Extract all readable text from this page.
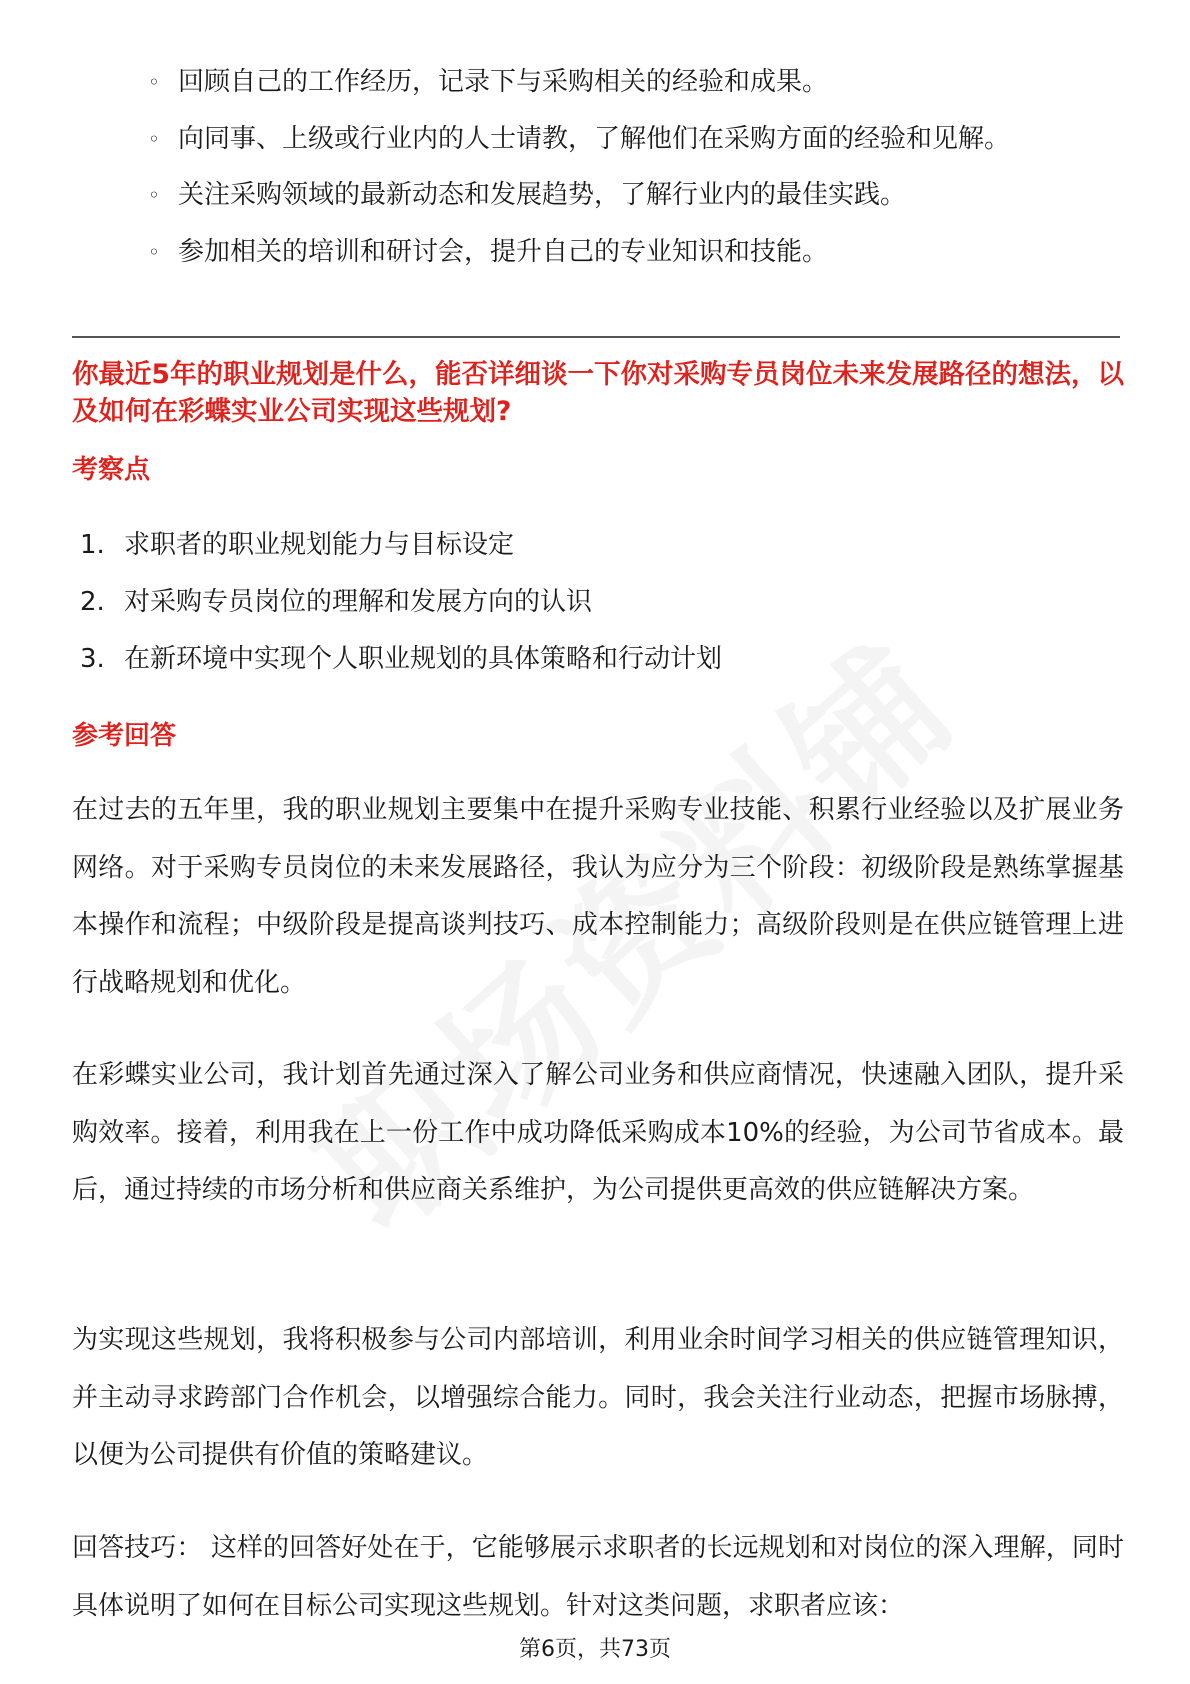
◦ 回顾自己的工作经历，记录下与采购相关的经验和成果。
◦ 向同事、上级或行业内的人士请教，了解他们在采购方面的经验和见解。
◦ 关注采购领域的最新动态和发展趋势，了解行业内的最佳实践。
◦ 参加相关的培训和研讨会，提升自己的专业知识和技能。

你最近5年的职业规划是什么，能否详细谈一下你对采购专员岗位未来发展路径的想法，以及如何在彩蝶实业公司实现这些规划?

考察点
1. 求职者的职业规划能力与目标设定
2. 对采购专员岗位的理解和发展方向的认识
3. 在新环境中实现个人职业规划的具体策略和行动计划
参考回答

在过去的五年里，我的职业规划主要集中在提升采购专业技能、积累行业经验以及扩展业务网络。对于采购专员岗位的未来发展路径，我认为应分为三个阶段：初级阶段是熟练掌握基本操作和流程；中级阶段是提高谈判技巧、成本控制能力；高级阶段则是在供应链管理上进行战略规划和优化。

在彩蝶实业公司，我计划首先通过深入了解公司业务和供应商情况，快速融入团队，提升采购效率。接着，利用我在上一份工作中成功降低采购成本10%的经验，为公司节省成本。最后，通过持续的市场分析和供应商关系维护，为公司提供更高效的供应链解决方案。

为实现这些规划，我将积极参与公司内部培训，利用业余时间学习相关的供应链管理知识，并主动寻求跨部门合作机会，以增强综合能力。同时，我会关注行业动态，把握市场脉搏，以便为公司提供有价值的策略建议。

回答技巧： 这样的回答好处在于，它能够展示求职者的长远规划和对岗位的深入理解，同时具体说明了如何在目标公司实现这些规划。针对这类问题，求职者应该：

第6页，共73页
